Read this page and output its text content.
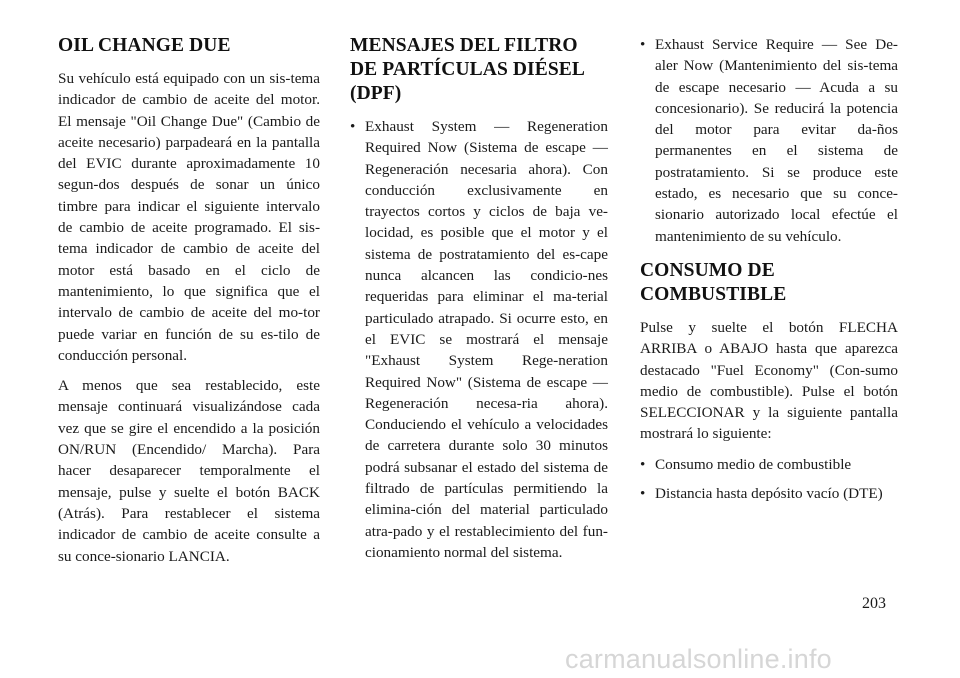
OIL CHANGE DUE

Su vehículo está equipado con un sis-tema indicador de cambio de aceite del motor. El mensaje "Oil Change Due" (Cambio de aceite necesario) parpadeará en la pantalla del EVIC durante aproximadamente 10 segun-dos después de sonar un único timbre para indicar el siguiente intervalo de cambio de aceite programado. El sis-tema indicador de cambio de aceite del motor está basado en el ciclo de mantenimiento, lo que significa que el intervalo de cambio de aceite del mo-tor puede variar en función de su es-tilo de conducción personal.

A menos que sea restablecido, este mensaje continuará visualizándose cada vez que se gire el encendido a la posición ON/RUN (Encendido/ Marcha). Para hacer desaparecer temporalmente el mensaje, pulse y suelte el botón BACK (Atrás). Para restablecer el sistema indicador de cambio de aceite consulte a su conce-sionario LANCIA.

MENSAJES DEL FILTRO DE PARTÍCULAS DIÉSEL (DPF)
• Exhaust System — Regeneration Required Now (Sistema de escape — Regeneración necesaria ahora). Con conducción exclusivamente en trayectos cortos y ciclos de baja ve-locidad, es posible que el motor y el sistema de postratamiento del es-cape nunca alcancen las condicio-nes requeridas para eliminar el ma-terial particulado atrapado. Si ocurre esto, en el EVIC se mostrará el mensaje "Exhaust System Rege-neration Required Now" (Sistema de escape — Regeneración necesa-ria ahora). Conduciendo el vehículo a velocidades de carretera durante solo 30 minutos podrá subsanar el estado del sistema de filtrado de partículas permitiendo la elimina-ción del material particulado atra-pado y el restablecimiento del fun-cionamiento normal del sistema.
• Exhaust Service Require — See De-aler Now (Mantenimiento del sis-tema de escape necesario — Acuda a su concesionario). Se reducirá la potencia del motor para evitar da-ños permanentes en el sistema de postratamiento. Si se produce este estado, es necesario que su conce-sionario autorizado local efectúe el mantenimiento de su vehículo.
CONSUMO DE COMBUSTIBLE

Pulse y suelte el botón FLECHA ARRIBA o ABAJO hasta que aparezca destacado "Fuel Economy" (Con-sumo medio de combustible). Pulse el botón SELECCIONAR y la siguiente pantalla mostrará lo siguiente:

• Consumo medio de combustible
• Distancia hasta depósito vacío (DTE)
203
carmanualsonline.info
